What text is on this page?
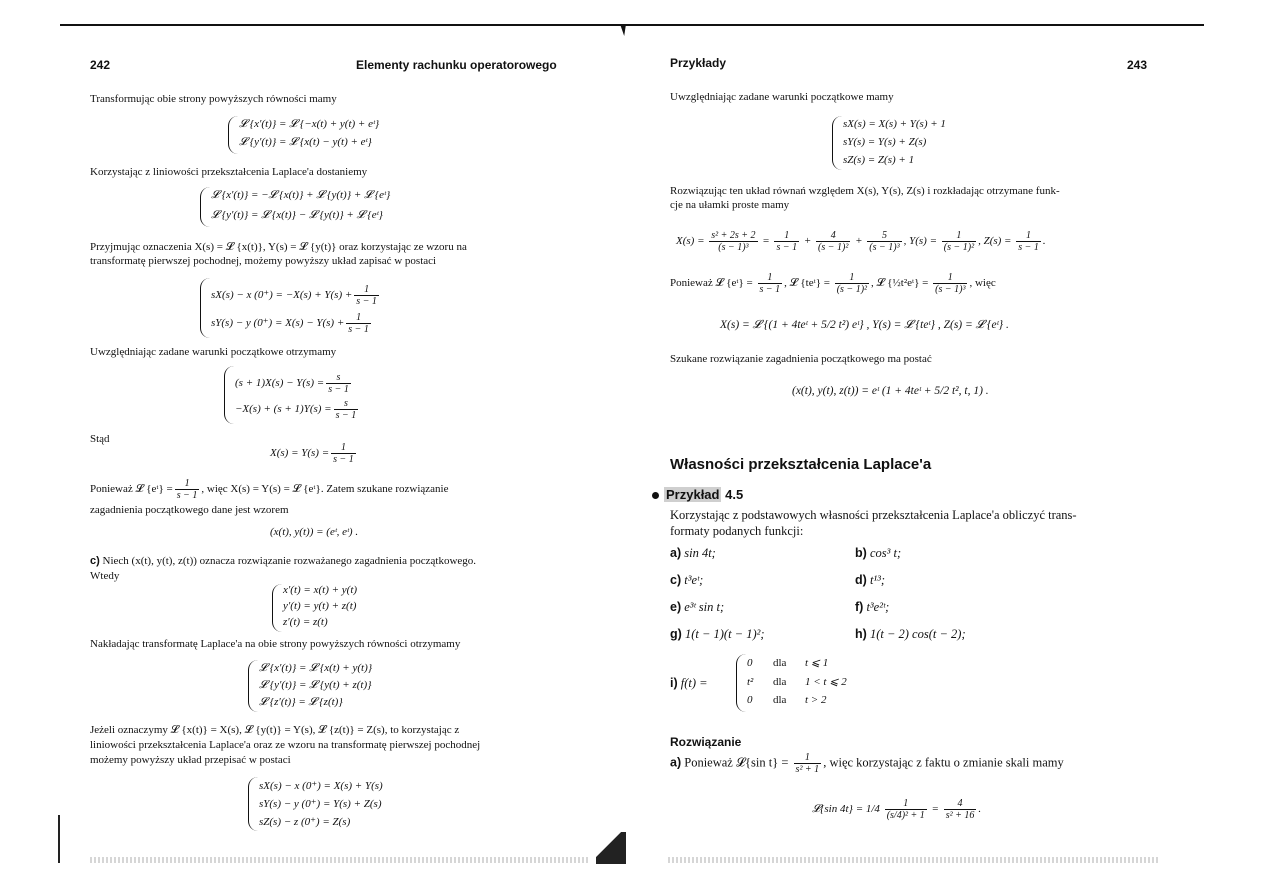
242	Elementy rachunku operatorowego
Transformując obie strony powyższych równości mamy
𝓛 {x′(t)} = 𝓛 {−x(t) + y(t) + eᵗ}
𝓛 {y′(t)} = 𝓛 {x(t) − y(t) + eᵗ}
Korzystając z liniowości przekształcenia Laplace'a dostaniemy
𝓛 {x′(t)} = −𝓛 {x(t)} + 𝓛 {y(t)} + 𝓛 {eᵗ}
𝓛 {y′(t)} = 𝓛 {x(t)} − 𝓛 {y(t)} + 𝓛 {eᵗ}
Przyjmując oznaczenia X(s) = 𝓛 {x(t)}, Y(s) = 𝓛 {y(t)} oraz korzystając ze wzoru na
transformatę pierwszej pochodnej, możemy powyższy układ zapisać w postaci
sX(s) − x $(0^+) = -X(s) + Y(s) + \frac{1}{s - 1}$
sY(s) − y $(0^+) = X(s) - Y(s) + \frac{1}{s - 1}$
Uwzględniając zadane warunki początkowe otrzymamy
$(s + 1)X(s) - Y(s) = \frac{s}{s - 1}$
$-X(s) + (s + 1)Y(s) = \frac{s}{s - 1}$
Stąd
$X(s) = Y(s) = \frac{1}{s - 1}$
Ponieważ 𝓛 {eᵗ} = $\frac{1}{s - 1}$ , więc X(s) = Y(s) = 𝓛 {eᵗ}. Zatem szukane rozwiązanie
zagadnienia początkowego dane jest wzorem
(x(t), y(t)) = (eᵗ, eᵗ) .
c) Niech (x(t), y(t), z(t)) oznacza rozwiązanie rozważanego zagadnienia początkowego.
Wtedy
x′(t) = x(t) + y(t)
y′(t) = y(t) + z(t)
z′(t) = z(t)
Nakładając transformatę Laplace'a na obie strony powyższych równości otrzymamy
𝓛 {x′(t)} = 𝓛 {x(t) + y(t)}
𝓛 {y′(t)} = 𝓛 {y(t) + z(t)}
𝓛 {z′(t)} = 𝓛 {z(t)}
Jeżeli oznaczymy 𝓛 {x(t)} = X(s), 𝓛 {y(t)} = Y(s), 𝓛 {z(t)} = Z(s), to korzystając z
liniowości przekształcenia Laplace'a oraz ze wzoru na transformatę pierwszej pochodnej
możemy powyższy układ przepisać w postaci
sX(s) − x (0⁺) = X(s) + Y(s)
sY(s) − y (0⁺) = Y(s) + Z(s)
sZ(s) − z (0⁺) = Z(s)
Przykłady	243
Uwzględniając zadane warunki początkowe mamy
sX(s) = X(s) + Y(s) + 1
sY(s) = Y(s) + Z(s)
sZ(s) = Z(s) + 1
Rozwiązując ten układ równań względem X(s), Y(s), Z(s) i rozkładając otrzymane funk-
cje na ułamki proste mamy
$X(s) = \frac{\text{s² + 2s + 2}}{\text{(s − 1)³}} = \frac{1}{s - 1} + \frac{4}{\text{(s − 1)²}} + \frac{5}{\text{(s − 1)³}}$ , $Y(s) = \frac{1}{\text{(s − 1)²}}$ , $Z(s) = \frac{1}{s - 1}$ .
Ponieważ 𝓛 {eᵗ} = $\frac{1}{s - 1}$ , 𝓛 {teᵗ} = $\frac{1}{\text{(s − 1)²}}$ , 𝓛 {½t²eᵗ} = $\frac{1}{\text{(s − 1)³}}$ , więc
X(s) = 𝓛 {(1 + 4teᵗ + 5/2 t²) eᵗ} , Y(s) = 𝓛 {teᵗ} , Z(s) = 𝓛 {eᵗ} .
Szukane rozwiązanie zagadnienia początkowego ma postać
(x(t), y(t), z(t)) = eᵗ (1 + 4teᵗ + 5/2 t², t, 1) .
Własności przekształcenia Laplace'a
Przykład 4.5
Korzystając z podstawowych własności przekształcenia Laplace'a obliczyć trans-
formaty podanych funkcji:
a) sin 4t;	b) cos³ t;
c) t³eᵗ;	d) t¹³;
e) e³ᵗ sin t;	f) t³e²ᵗ;
g) 1(t − 1)(t − 1)²;	h) 1(t − 2) cos(t − 2);
i) f(t) =
0 dla t ⩽ 1
t² dla 1 < t ⩽ 2
0 dla t > 2
Rozwiązanie
a) Ponieważ 𝓛{sin $t\} = \frac{1}{\text{s² + 1}}$ , więc korzystając z faktu o zmianie skali mamy
𝓛{sin $4t\} = 1/4 \frac{1}{\text{(s/4)² + 1}} = \frac{4}{\text{s² + 16}}$ .
